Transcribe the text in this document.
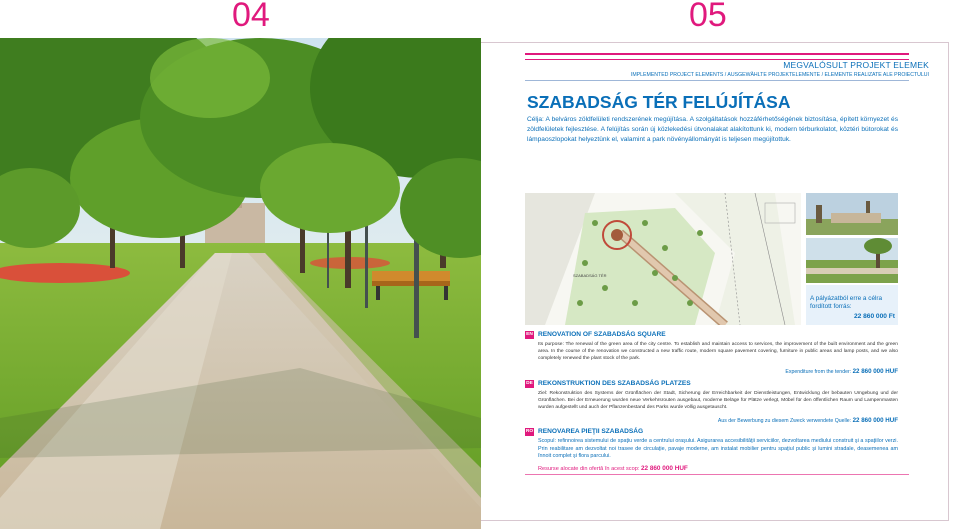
04	05
MEGVALÓSULT PROJEKT ELEMEK
IMPLEMENTED PROJECT ELEMENTS / AUSGEWÄHLTE PROJEKTELEMENTE / ELEMENTE REALIZATE ALE PROIECTULUI
SZABADSÁG TÉR FELÚJÍTÁSA
Célja: A belváros zöldfelületi rendszerének megújítása. A szolgáltatások hozzáférhetőségének biztosítása, épített környezet és zöldfelületek fejlesztése. A felújítás során új közlekedési útvonalakat alakítottunk ki, modern térburkolatot, köztéri bútorokat és lámpaoszlopokat helyeztünk el, valamint a park növényállományát is teljesen megújítottuk.
SZABADSÁG TÉR
A pályázatból erre a célra fordított forrás:
22 860 000 Ft
EN RENOVATION OF SZABADSÁG SQUARE
Its purpose: The renewal of the green area of the city centre. To establish and maintain access to services, the improvement of the built environment and the green area. In the course of the renovation we constructed a new traffic route, modern square pavement covering, furniture in public areas and lamp posts, and we also completely renewed the plant stock of the park.
Expenditure from the tender: 22 860 000 HUF
DE REKONSTRUKTION DES SZABADSÁG PLATZES
Ziel: Rekonstruktion des Systems der Grünflächen der Stadt, Sicherung der Erreichbarkeit der Dienstleistungen, Entwicklung der bebauten Umgebung und der Grünflächen. Bei der Erneuerung wurden neue Verkehrsrouten ausgebaut, moderne Beläge für Plätze verlegt, Möbel für den öffentlichen Raum und Lampenmasten wurden aufgestellt und auch der Pflanzenbestand des Parks wurde völlig ausgetauscht.
Aus der Bewerbung zu diesem Zweck verwendete Quelle: 22 860 000 HUF
RO RENOVAREA PIEŢII SZABADSÁG
Scopul: refinnoirea sistemului de spaţiu verde a centrului oraşului. Asigurarea accesibilităţii serviciilor, dezvoltarea mediului construit şi a spaţiilor verzi. Prin reabilitare am dezvoltat noi trasee de circulaţie, pavaje moderne, am instalat mobilier pentru spaţiul public şi lumini stradale, deasemenea am înnoit complet şi flora parcului.
Resurse alocate din ofertă în acest scop: 22 860 000 HUF
